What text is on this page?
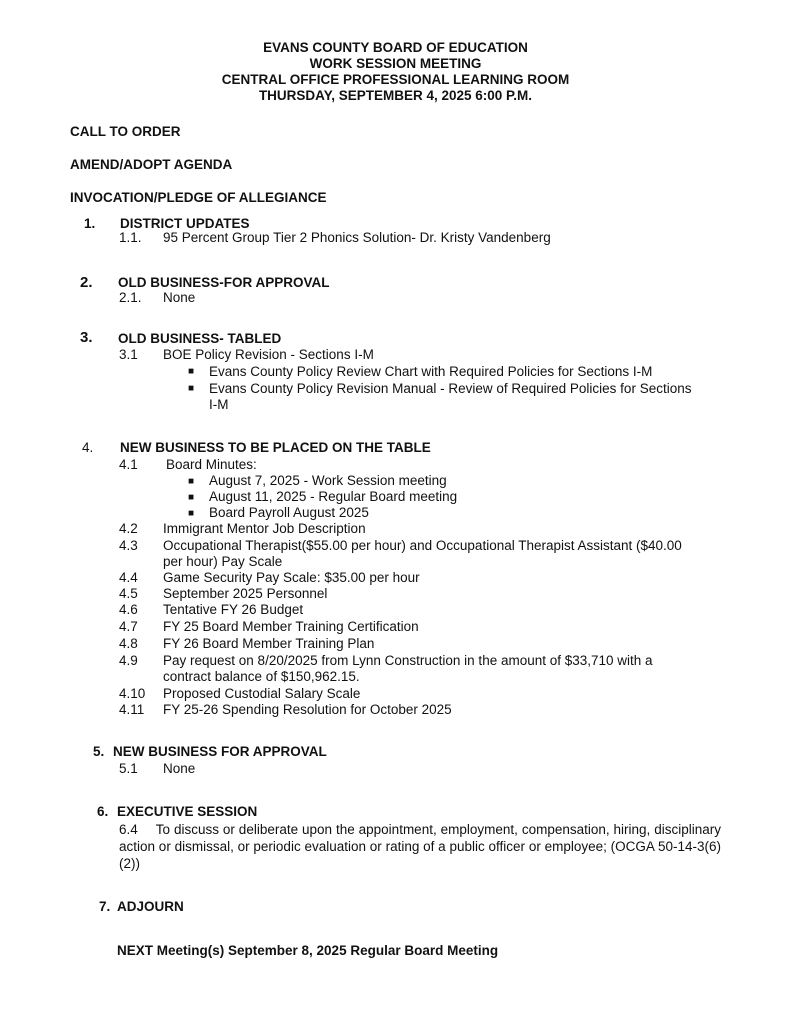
EVANS COUNTY BOARD OF EDUCATION
WORK SESSION MEETING
CENTRAL OFFICE PROFESSIONAL LEARNING ROOM
THURSDAY, SEPTEMBER 4, 2025 6:00 P.M.
CALL TO ORDER
AMEND/ADOPT AGENDA
INVOCATION/PLEDGE OF ALLEGIANCE
1. DISTRICT UPDATES
1.1. 95 Percent Group Tier 2 Phonics Solution- Dr. Kristy Vandenberg
2. OLD BUSINESS-FOR APPROVAL
2.1. None
3. OLD BUSINESS- TABLED
3.1 BOE Policy Revision - Sections I-M
■ Evans County Policy Review Chart with Required Policies for Sections I-M
■ Evans County Policy Revision Manual - Review of Required Policies for Sections
I-M
4. NEW BUSINESS TO BE PLACED ON THE TABLE
4.1 Board Minutes:
■ August 7, 2025 - Work Session meeting
■ August 11, 2025 - Regular Board meeting
■ Board Payroll August 2025
4.2 Immigrant Mentor Job Description
4.3 Occupational Therapist($55.00 per hour) and Occupational Therapist Assistant ($40.00
per hour) Pay Scale
4.4 Game Security Pay Scale: $35.00 per hour
4.5 September 2025 Personnel
4.6 Tentative FY 26 Budget
4.7 FY 25 Board Member Training Certification
4.8 FY 26 Board Member Training Plan
4.9 Pay request on 8/20/2025 from Lynn Construction in the amount of $33,710 with a
contract balance of $150,962.15.
4.10 Proposed Custodial Salary Scale
4.11 FY 25-26 Spending Resolution for October 2025
5. NEW BUSINESS FOR APPROVAL
5.1 None
6. EXECUTIVE SESSION
6.4 To discuss or deliberate upon the appointment, employment, compensation, hiring, disciplinary action or dismissal, or periodic evaluation or rating of a public officer or employee; (OCGA 50-14-3(6)(2))
7. ADJOURN
NEXT Meeting(s) September 8, 2025 Regular Board Meeting
